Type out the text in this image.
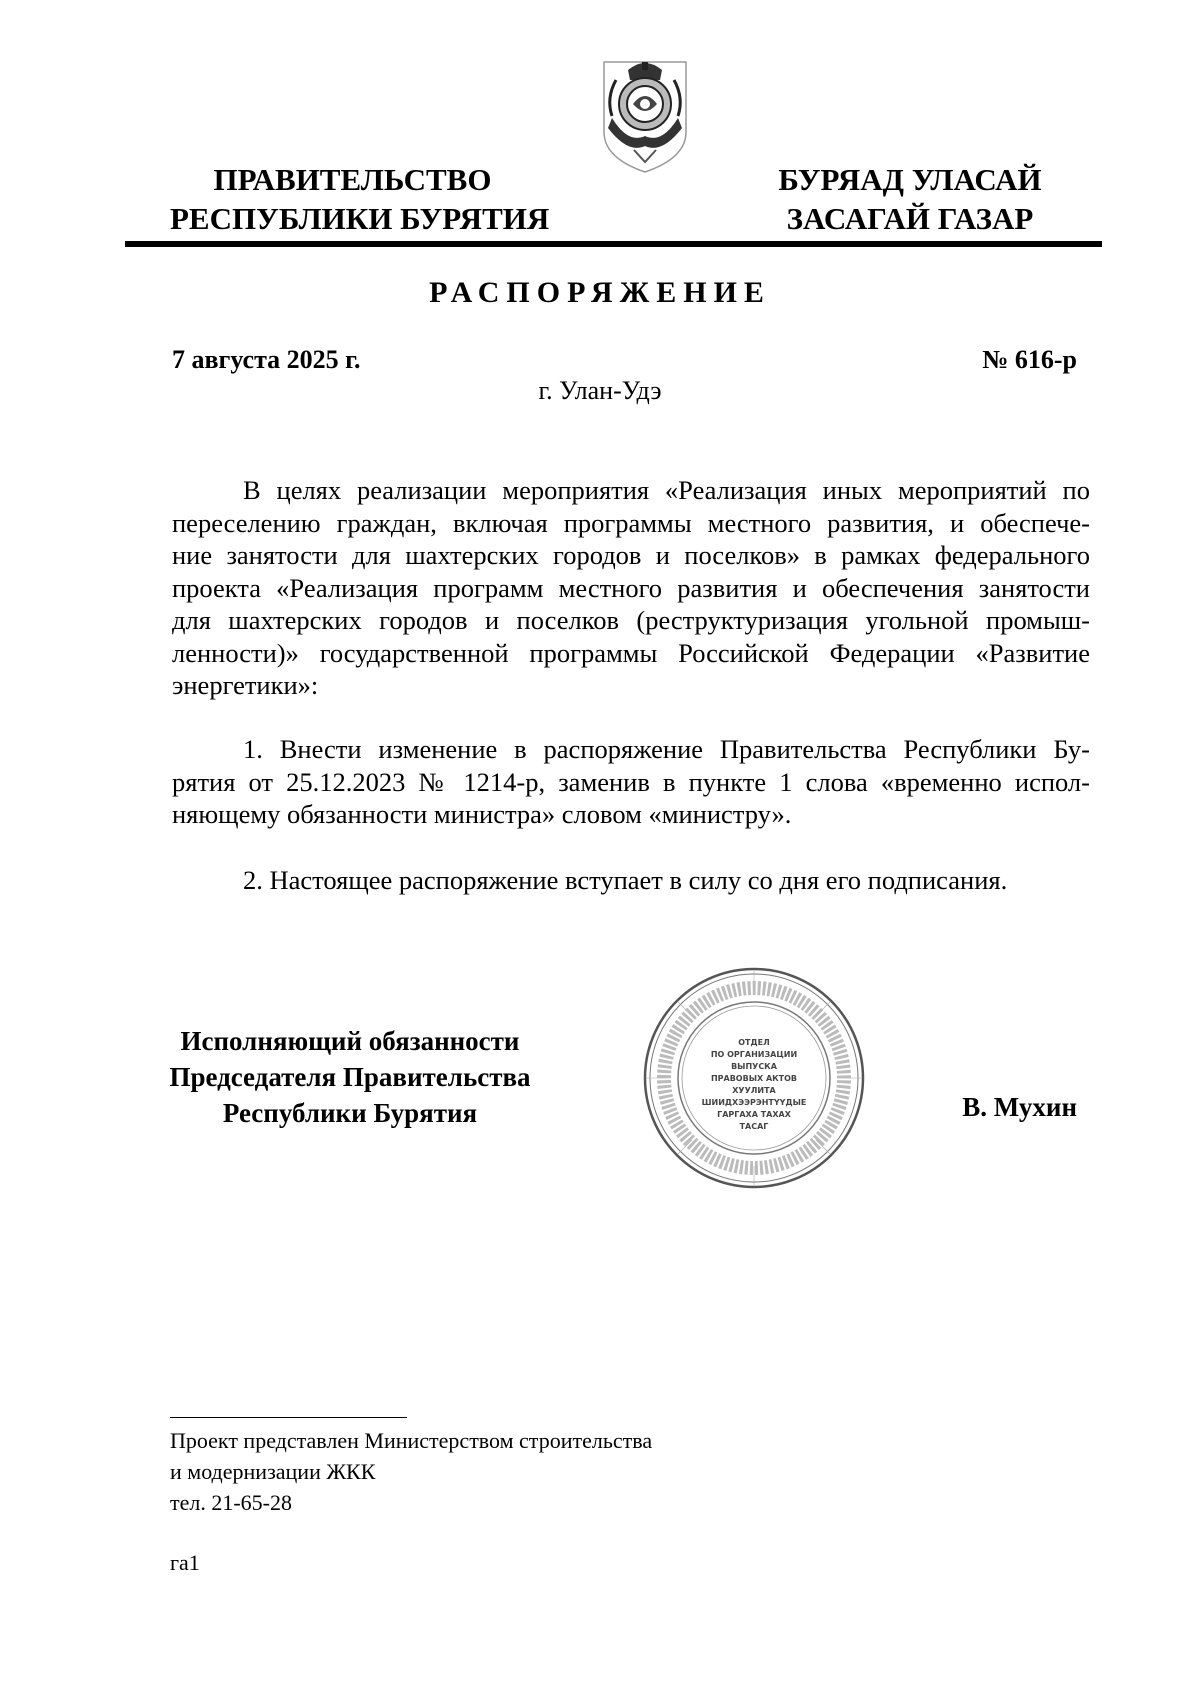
ПРАВИТЕЛЬСТВО
РЕСПУБЛИКИ БУРЯТИЯ
БУРЯАД УЛАСАЙ
ЗАСАГАЙ ГАЗАР
РАСПОРЯЖЕНИЕ
7 августа 2025 г.	№ 616-р
г. Улан-Удэ
В целях реализации мероприятия «Реализация иных мероприятий по
переселению граждан, включая программы местного развития, и обеспече-
ние занятости для шахтерских городов и поселков» в рамках федерального
проекта «Реализация программ местного развития и обеспечения занятости
для шахтерских городов и поселков (реструктуризация угольной промыш-
ленности)» государственной программы Российской Федерации «Развитие
энергетики»:
1. Внести изменение в распоряжение Правительства Республики Бу-
рятия от 25.12.2023 № 1214-р, заменив в пункте 1 слова «временно испол-
няющему обязанности министра» словом «министру».
2. Настоящее распоряжение вступает в силу со дня его подписания.
Исполняющий обязанности
Председателя Правительства
Республики Бурятия
ОТДЕЛ
ПО ОРГАНИЗАЦИИ
ВЫПУСКА
ПРАВОВЫХ АКТОВ
ХУУЛИТА
ШИИДХЭЭРЭНТҮҮДЫЕ
ГАРГАХА ТАХАХ
ТАСАГ
В. Мухин
Проект представлен Министерством строительства
и модернизации ЖКК
тел. 21-65-28
га1
